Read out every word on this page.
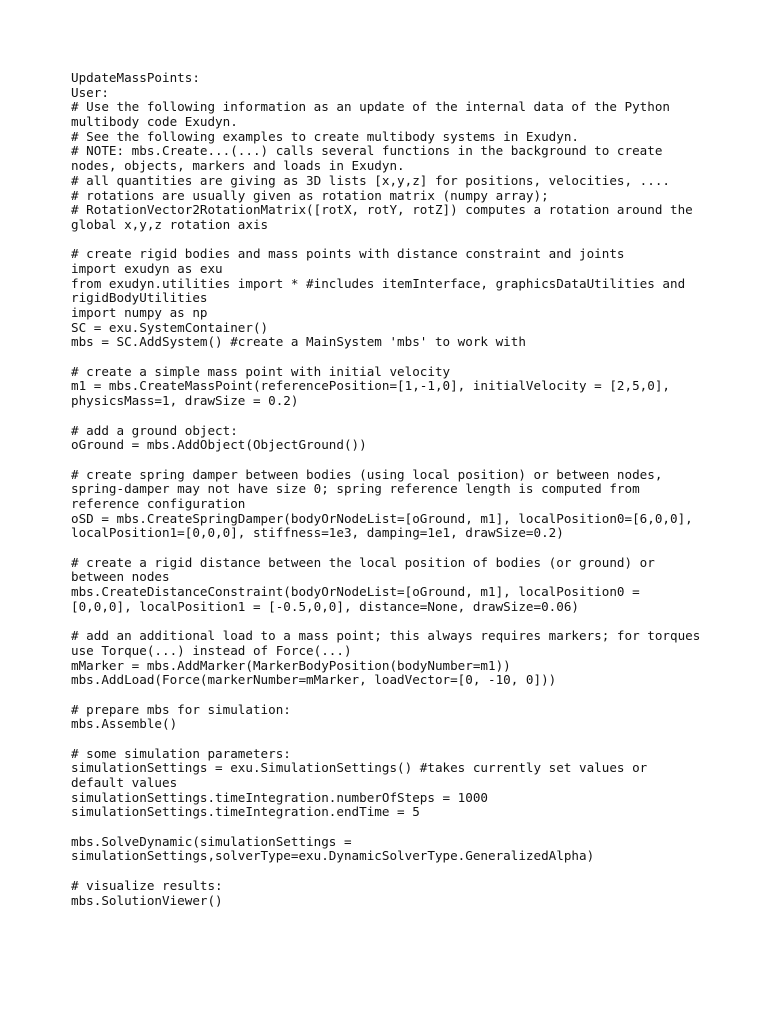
UpdateMassPoints:
User:
# Use the following information as an update of the internal data of the Python
multibody code Exudyn.
# See the following examples to create multibody systems in Exudyn.
# NOTE: mbs.Create...(...) calls several functions in the background to create
nodes, objects, markers and loads in Exudyn.
# all quantities are giving as 3D lists [x,y,z] for positions, velocities, ....
# rotations are usually given as rotation matrix (numpy array);
# RotationVector2RotationMatrix([rotX, rotY, rotZ]) computes a rotation around the
global x,y,z rotation axis
# create rigid bodies and mass points with distance constraint and joints
import exudyn as exu
from exudyn.utilities import * #includes itemInterface, graphicsDataUtilities and
rigidBodyUtilities
import numpy as np
SC = exu.SystemContainer()
mbs = SC.AddSystem() #create a MainSystem 'mbs' to work with
# create a simple mass point with initial velocity
m1 = mbs.CreateMassPoint(referencePosition=[1,-1,0], initialVelocity = [2,5,0],
physicsMass=1, drawSize = 0.2)
# add a ground object:
oGround = mbs.AddObject(ObjectGround())
# create spring damper between bodies (using local position) or between nodes,
spring-damper may not have size 0; spring reference length is computed from
reference configuration
oSD = mbs.CreateSpringDamper(bodyOrNodeList=[oGround, m1], localPosition0=[6,0,0],
localPosition1=[0,0,0], stiffness=1e3, damping=1e1, drawSize=0.2)
# create a rigid distance between the local position of bodies (or ground) or
between nodes
mbs.CreateDistanceConstraint(bodyOrNodeList=[oGround, m1], localPosition0 =
[0,0,0], localPosition1 = [-0.5,0,0], distance=None, drawSize=0.06)
# add an additional load to a mass point; this always requires markers; for torques
use Torque(...) instead of Force(...)
mMarker = mbs.AddMarker(MarkerBodyPosition(bodyNumber=m1))
mbs.AddLoad(Force(markerNumber=mMarker, loadVector=[0, -10, 0]))
# prepare mbs for simulation:
mbs.Assemble()
# some simulation parameters:
simulationSettings = exu.SimulationSettings() #takes currently set values or
default values
simulationSettings.timeIntegration.numberOfSteps = 1000
simulationSettings.timeIntegration.endTime = 5
mbs.SolveDynamic(simulationSettings =
simulationSettings,solverType=exu.DynamicSolverType.GeneralizedAlpha)
# visualize results:
mbs.SolutionViewer()
